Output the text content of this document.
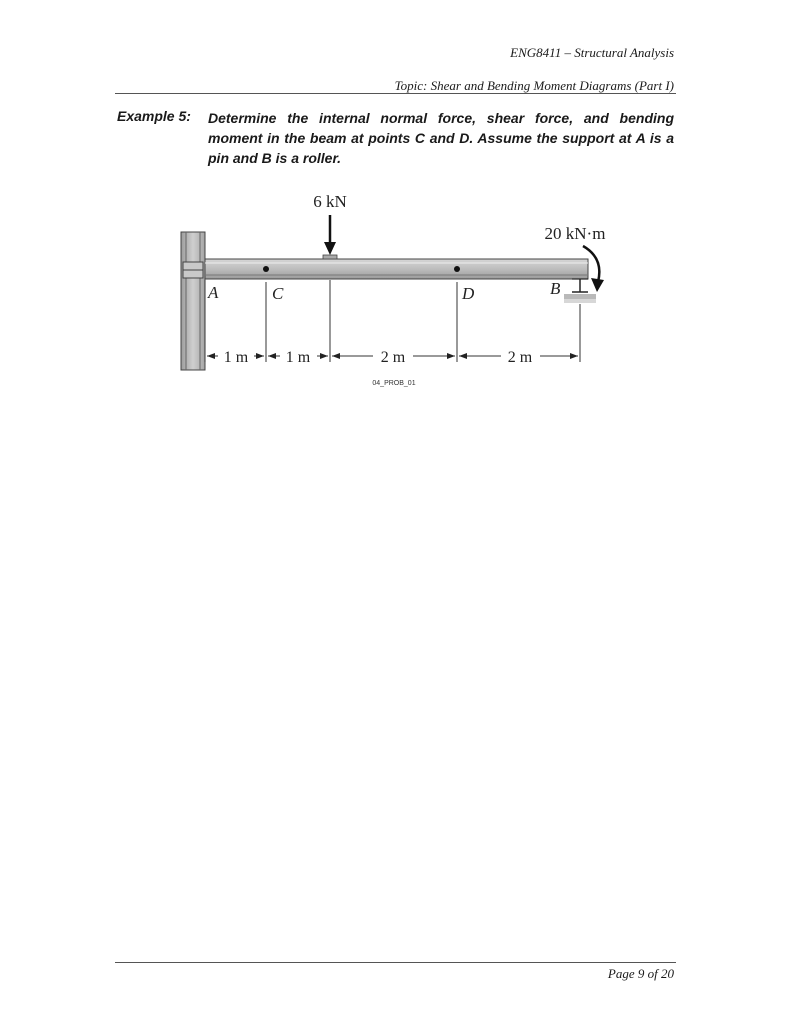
ENG8411 – Structural Analysis
Topic: Shear and Bending Moment Diagrams (Part I)
Example 5: Determine the internal normal force, shear force, and bending moment in the beam at points C and D. Assume the support at A is a pin and B is a roller.
6 kN
20 kN·m
A	C	D	B
1 m 1 m	2 m	2 m
04_PROB_01
Page 9 of 20
